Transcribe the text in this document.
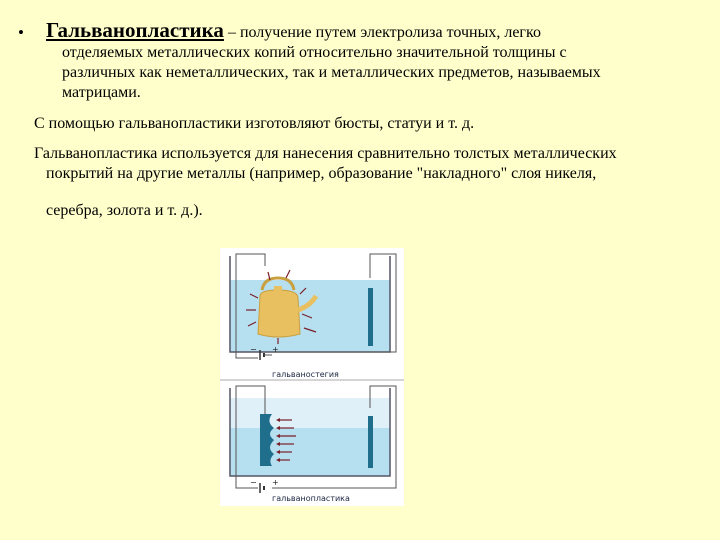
• Гальванопластика – получение путем электролиза точных, легко
отделяемых металлических копий относительно значительной толщины с
различных как неметаллических, так и металлических предметов, называемых
матрицами.
С помощью гальванопластики изготовляют бюсты, статуи и т. д.
Гальванопластика используется для нанесения сравнительно толстых металлических
покрытий на другие металлы (например, образование "накладного" слоя никеля,
серебра, золота и т. д.).
− +
гальваностегия
− +
гальванопластика
